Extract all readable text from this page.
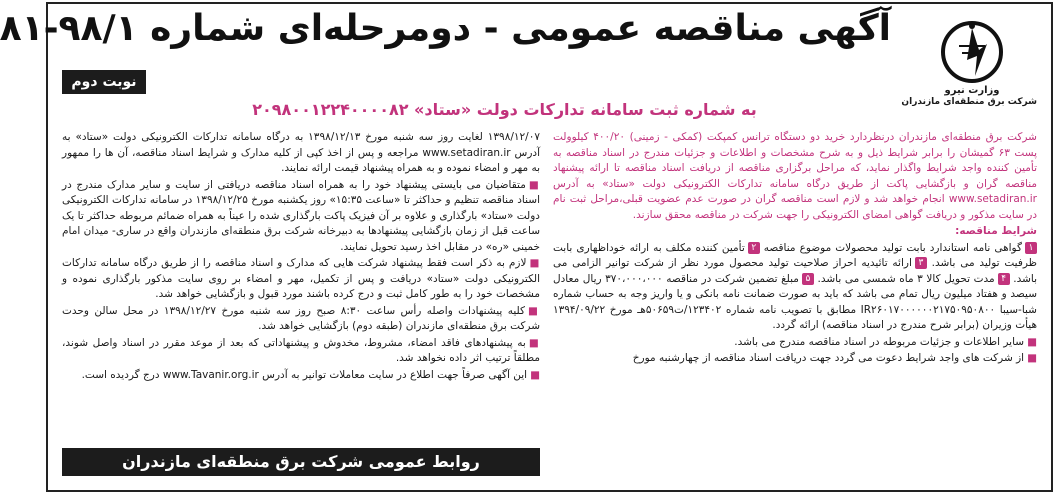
آگهی مناقصه عمومی - دومرحله‌ای شماره ۹۸/۱-۸۱
وزارت نیرو
شرکت برق منطقه‌ای مازندران
نوبت دوم
به شماره ثبت سامانه تدارکات دولت «ستاد» ۲۰۹۸۰۰۱۲۲۴۰۰۰۰۸۲

شرکت برق منطقه‌ای مازندران درنظردارد خرید دو دستگاه ترانس کمپکت (کمکی - زمینی) ۴۰۰/۲۰ کیلوولت پست ۶۳ گمیشان را برابر شرایط ذیل و به شرح مشخصات و اطلاعات و جزئیات مندرج در اسناد مناقصه به تأمین کننده واجد شرایط واگذار نماید، که مراحل برگزاری مناقصه از دریافت اسناد مناقصه تا ارائه پیشنهاد مناقصه گران و بازگشایی پاکت از طریق درگاه سامانه تدارکات الکترونیکی دولت «ستاد» به آدرس www.setadiran.ir انجام خواهد شد و لازم است مناقصه گران در صورت عدم عضویت قبلی،مراحل ثبت نام در سایت مذکور و دریافت گواهی امضای الکترونیکی را جهت شرکت در مناقصه محقق سازند.

شرایط مناقصه:

۱گواهی نامه استاندارد بابت تولید محصولات موضوع مناقصه ۲تأمین کننده مکلف به ارائه خوداظهاری بابت ظرفیت تولید می باشد. ۳ارائه تائیدیه احراز صلاحیت تولید محصول مورد نظر از شرکت توانیر الزامی می باشد. ۴مدت تحویل کالا ۳ ماه شمسی می باشد. ۵مبلغ تضمین شرکت در مناقصه ۳۷۰،۰۰۰،۰۰۰ ریال معادل سیصد و هفتاد میلیون ریال تمام می باشد که باید به صورت ضمانت نامه بانکی و یا واریز وجه به حساب شماره شبا-سیبا IR۲۶۰۱۷۰۰۰۰۰۰۲۱۷۵۰۹۵۰۸۰۰ مطابق با تصویب نامه شماره ۱۲۳۴۰۲/ت۵۰۶۵۹هـ مورخ ۱۳۹۴/۰۹/۲۲ هیأت وزیران (برابر شرح مندرج در اسناد مناقصه) ارائه گردد.

■سایر اطلاعات و جزئیات مربوطه در اسناد مناقصه مندرج می باشد.

■از شرکت های واجد شرایط دعوت می گردد جهت دریافت اسناد مناقصه از چهارشنبه مورخ

۱۳۹۸/۱۲/۰۷ لغایت روز سه شنبه مورخ ۱۳۹۸/۱۲/۱۳ به درگاه سامانه تدارکات الکترونیکی دولت «ستاد» به آدرس www.setadiran.ir مراجعه و پس از اخذ کپی از کلیه مدارک و شرایط اسناد مناقصه، آن ها را ممهور به مهر و امضاء نموده و به همراه پیشنهاد قیمت ارائه نمایند.

■متقاضیان می بایستی پیشنهاد خود را به همراه اسناد مناقصه دریافتی از سایت و سایر مدارک مندرج در اسناد مناقصه تنظیم و حداکثر تا «ساعت ۱۵:۳۵» روز یکشنبه مورخ ۱۳۹۸/۱۲/۲۵ در سامانه تدارکات الکترونیکی دولت «ستاد» بارگذاری و علاوه بر آن فیزیک پاکت بارگذاری شده را عیناً به همراه ضمائم مربوطه حداکثر تا یک ساعت قبل از زمان بازگشایی پیشنهادها به دبیرخانه شرکت برق منطقه‌ای مازندران واقع در ساری- میدان امام خمینی «ره» در مقابل اخذ رسید تحویل نمایند.

■لازم به ذکر است فقط پیشنهاد شرکت هایی که مدارک و اسناد مناقصه را از طریق درگاه سامانه تدارکات الکترونیکی دولت «ستاد» دریافت و پس از تکمیل، مهر و امضاء بر روی سایت مذکور بارگذاری نموده و مشخصات خود را به طور کامل ثبت و درج کرده باشند مورد قبول و بازگشایی خواهد شد.

■کلیه پیشنهادات واصله رأس ساعت ۸:۳۰ صبح روز سه شنبه مورخ ۱۳۹۸/۱۲/۲۷ در محل سالن وحدت شرکت برق منطقه‌ای مازندران (طبقه دوم) بازگشایی خواهد شد.

■به پیشنهادهای فاقد امضاء، مشروط، مخدوش و پیشنهاداتی که بعد از موعد مقرر در اسناد واصل شوند، مطلقاً ترتیب اثر داده نخواهد شد.

■این آگهی صرفاً جهت اطلاع در سایت معاملات توانیر به آدرس www.Tavanir.org.ir درج گردیده است.

روابط عمومی شرکت برق منطقه‌ای مازندران
